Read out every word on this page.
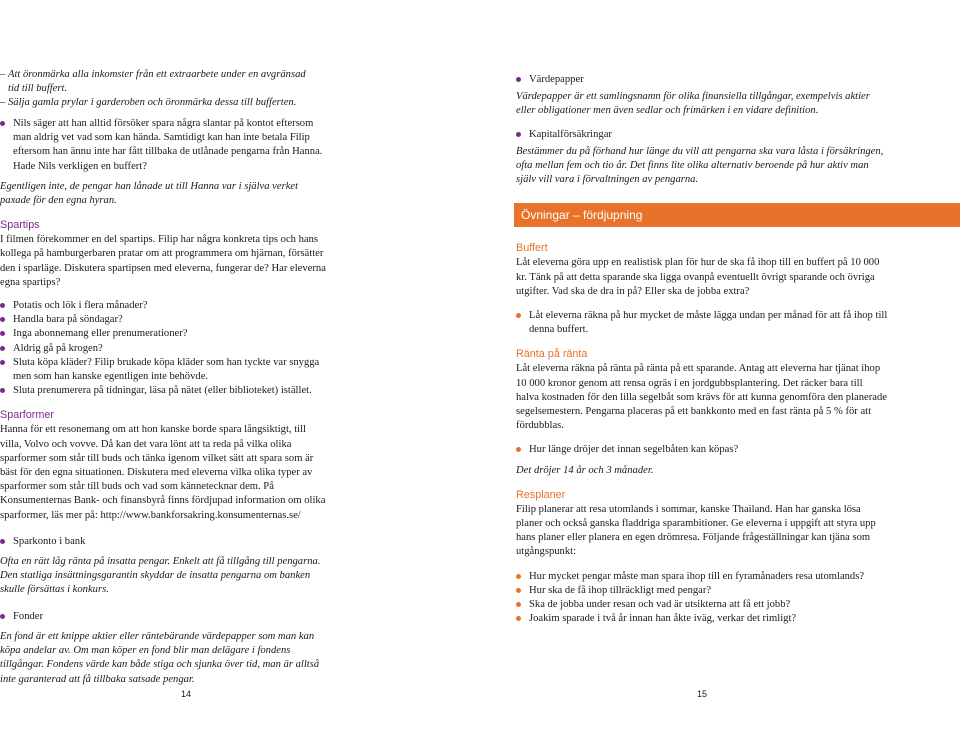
– Att öronmärka alla inkomster från ett extraarbete under en avgränsad tid till buffert.
– Sälja gamla prylar i garderoben och öronmärka dessa till bufferten.
Nils säger att han alltid försöker spara några slantar på kontot eftersom man aldrig vet vad som kan hända. Samtidigt kan han inte betala Filip eftersom han ännu inte har fått tillbaka de utlånade pengarna från Hanna. Hade Nils verkligen en buffert?

Egentligen inte, de pengar han lånade ut till Hanna var i själva verket paxade för den egna hyran.

Spartips

I filmen förekommer en del spartips. Filip har några konkreta tips och hans kollega på hamburgerbaren pratar om att programmera om hjärnan, försätter den i sparläge. Diskutera spartipsen med eleverna, fungerar de? Har eleverna egna spartips?

Potatis och lök i flera månader?
Handla bara på söndagar?
Inga abonnemang eller prenumerationer?
Aldrig gå på krogen?
Sluta köpa kläder? Filip brukade köpa kläder som han tyckte var snygga men som han kanske egentligen inte behövde.
Sluta prenumerera på tidningar, läsa på nätet (eller biblioteket) istället.
Sparformer

Hanna för ett resonemang om att hon kanske borde spara långsiktigt, till villa, Volvo och vovve. Då kan det vara lönt att ta reda på vilka olika sparformer som står till buds och tänka igenom vilket sätt att spara som är bäst för den egna situationen. Diskutera med eleverna vilka olika typer av sparformer som står till buds och vad som kännetecknar dem. På Konsumenternas Bank- och finansbyrå finns fördjupad information om olika sparformer, läs mer på: http://www.bankforsakring.konsumenternas.se/

Sparkonto i bank

Ofta en rätt låg ränta på insatta pengar. Enkelt att få tillgång till pengarna. Den statliga insättningsgarantin skyddar de insatta pengarna om banken skulle försättas i konkurs.

Fonder

En fond är ett knippe aktier eller räntebärande värdepapper som man kan köpa andelar av. Om man köper en fond blir man delägare i fondens tillgångar. Fondens värde kan både stiga och sjunka över tid, man är alltså inte garanterad att få tillbaka satsade pengar.

14
Värdepapper

Värdepapper är ett samlingsnamn för olika finansiella tillgångar, exempelvis aktier eller obligationer men även sedlar och frimärken i en vidare definition.

Kapitalförsäkringar

Bestämmer du på förhand hur länge du vill att pengarna ska vara låsta i försäkringen, ofta mellan fem och tio år. Det finns lite olika alternativ beroende på hur aktiv man själv vill vara i förvaltningen av pengarna.

Övningar – fördjupning
Buffert

Låt eleverna göra upp en realistisk plan för hur de ska få ihop till en buffert på 10 000 kr. Tänk på att detta sparande ska ligga ovanpå eventuellt övrigt sparande och övriga utgifter. Vad ska de dra in på? Eller ska de jobba extra?

Låt eleverna räkna på hur mycket de måste lägga undan per månad för att få ihop till denna buffert.
Ränta på ränta

Låt eleverna räkna på ränta på ränta på ett sparande. Antag att eleverna har tjänat ihop 10 000 kronor genom att rensa ogräs i en jordgubbsplantering. Det räcker bara till halva kostnaden för den lilla segelbåt som krävs för att kunna genomföra den planerade segelsemestern. Pengarna placeras på ett bankkonto med en fast ränta på 5 % för att fördubblas.

Hur länge dröjer det innan segelbåten kan köpas?

Det dröjer 14 år och 3 månader.

Resplaner

Filip planerar att resa utomlands i sommar, kanske Thailand. Han har ganska lösa planer och också ganska fladdriga sparambitioner. Ge eleverna i uppgift att styra upp hans planer eller planera en egen drömresa. Följande frågeställningar kan tjäna som utgångspunkt:

Hur mycket pengar måste man spara ihop till en fyramånaders resa utomlands?
Hur ska de få ihop tillräckligt med pengar?
Ska de jobba under resan och vad är utsikterna att få ett jobb?
Joakim sparade i två år innan han åkte iväg, verkar det rimligt?
15
